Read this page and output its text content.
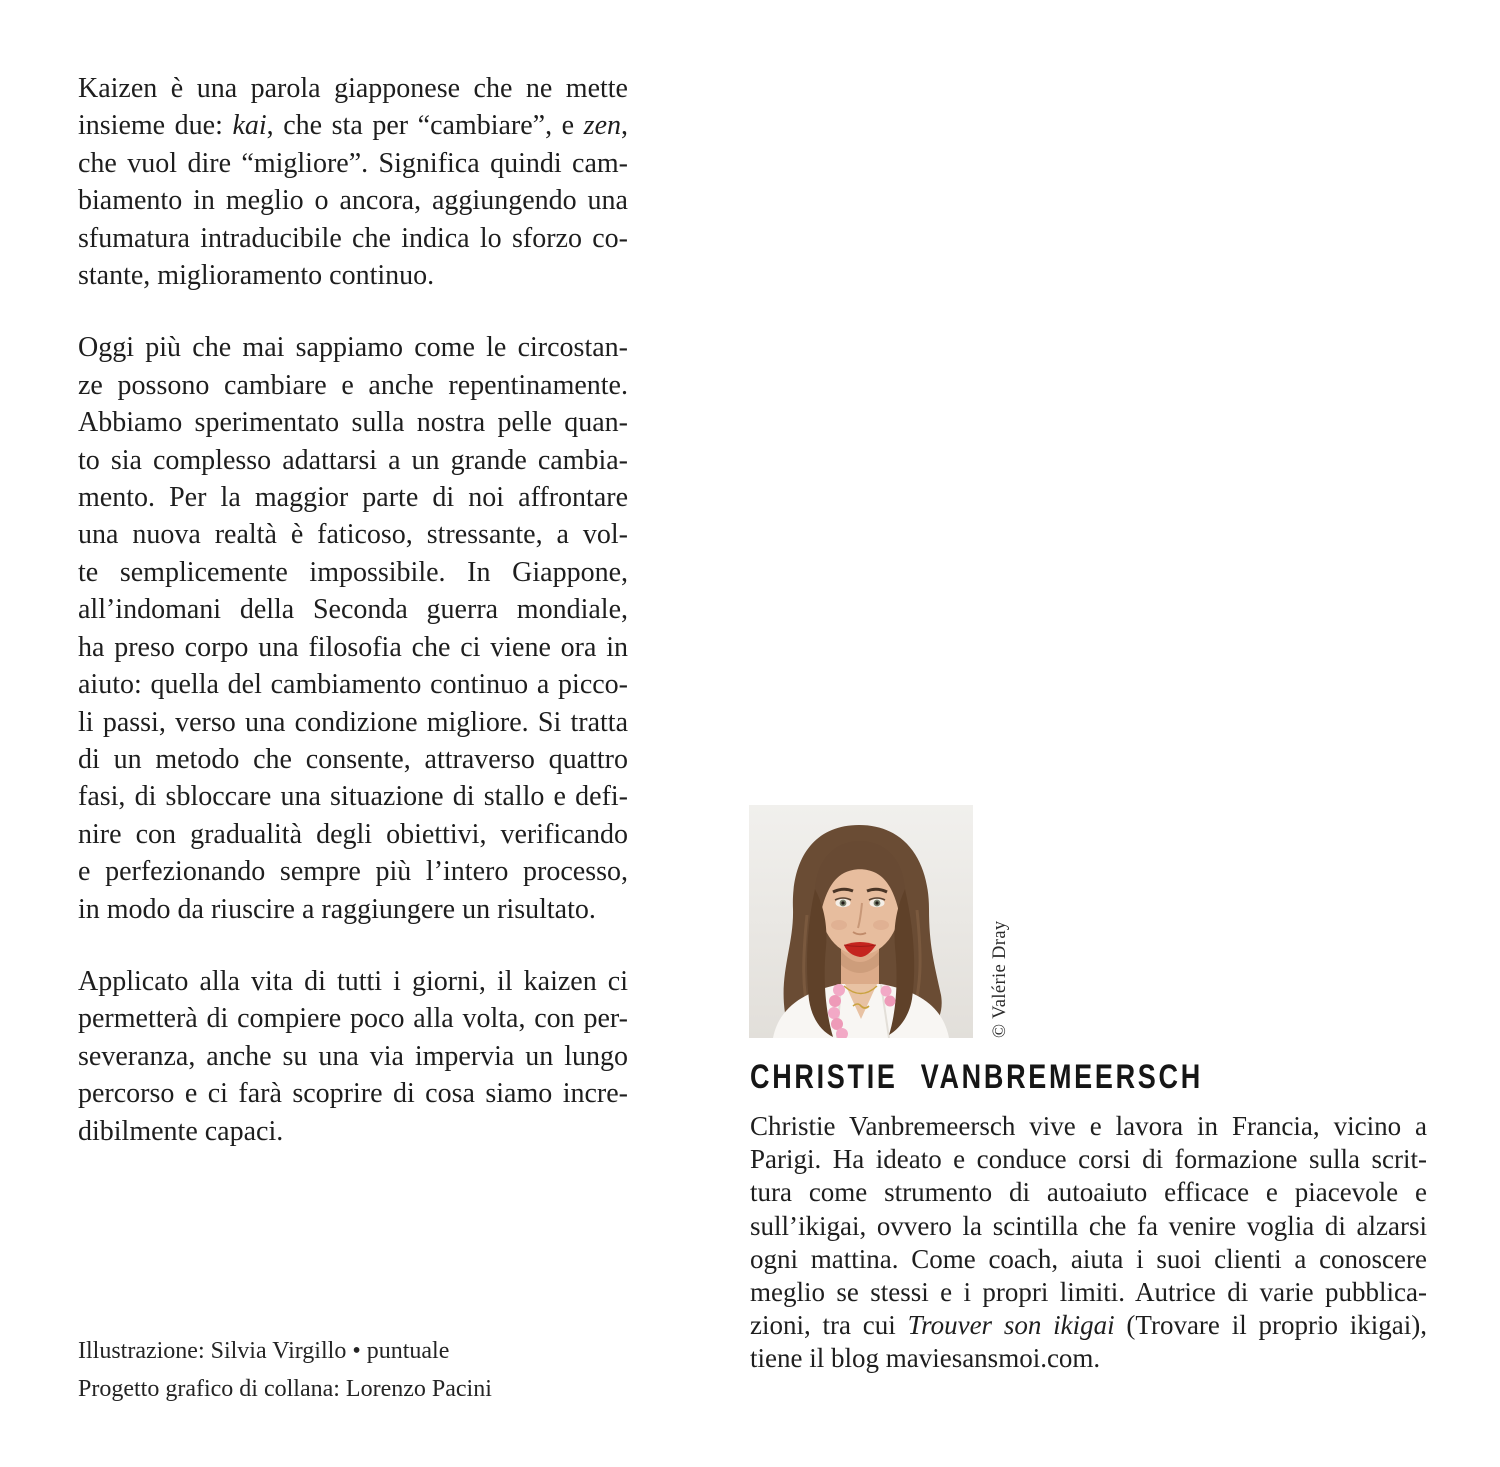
Kaizen è una parola giapponese che ne mette
insieme due: kai, che sta per “cambiare”, e zen,
che vuol dire “migliore”. Significa quindi cam-
biamento in meglio o ancora, aggiungendo una
sfumatura intraducibile che indica lo sforzo co-
stante, miglioramento continuo.
Oggi più che mai sappiamo come le circostan-
ze possono cambiare e anche repentinamente.
Abbiamo sperimentato sulla nostra pelle quan-
to sia complesso adattarsi a un grande cambia-
mento. Per la maggior parte di noi affrontare
una nuova realtà è faticoso, stressante, a vol-
te semplicemente impossibile. In Giappone,
all’indomani della Seconda guerra mondiale,
ha preso corpo una filosofia che ci viene ora in
aiuto: quella del cambiamento continuo a picco-
li passi, verso una condizione migliore. Si tratta
di un metodo che consente, attraverso quattro
fasi, di sbloccare una situazione di stallo e defi-
nire con gradualità degli obiettivi, verificando
e perfezionando sempre più l’intero processo,
in modo da riuscire a raggiungere un risultato.
Applicato alla vita di tutti i giorni, il kaizen ci
permetterà di compiere poco alla volta, con per-
severanza, anche su una via impervia un lungo
percorso e ci farà scoprire di cosa siamo incre-
dibilmente capaci.
Illustrazione: Silvia Virgillo • puntuale
Progetto grafico di collana: Lorenzo Pacini
© Valérie Dray
CHRISTIE VANBREMEERSCH
Christie Vanbremeersch vive e lavora in Francia, vicino a
Parigi. Ha ideato e conduce corsi di formazione sulla scrit-
tura come strumento di autoaiuto efficace e piacevole e
sull’ikigai, ovvero la scintilla che fa venire voglia di alzarsi
ogni mattina. Come coach, aiuta i suoi clienti a conoscere
meglio se stessi e i propri limiti. Autrice di varie pubblica-
zioni, tra cui Trouver son ikigai (Trovare il proprio ikigai),
tiene il blog maviesansmoi.com.
